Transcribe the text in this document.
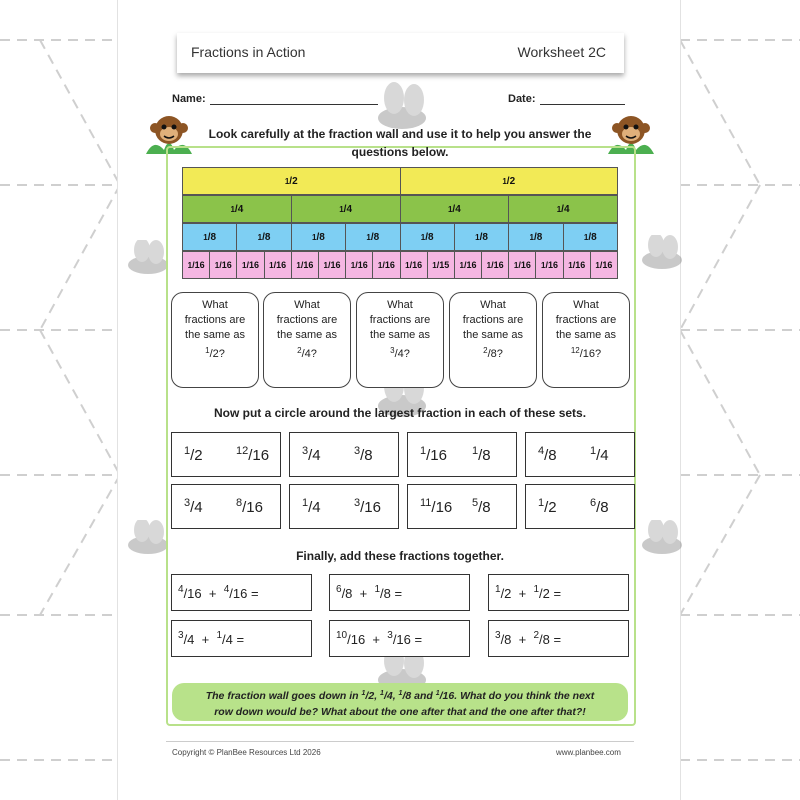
Fractions in Action	Worksheet 2C
Name:	Date:
Look carefully at the fraction wall and use it to help you answer the
questions below.
1 /2	1 /2
1 /4	1 /4	1 /4	1 /4
1 /8	1 /8	1 /8	1 /8	1 /8	1 /8	1 /8	1 /8
1 /16	1 /16	1 /16	1 /16	1 /16	1 /16	1 /16	1 /16	1 /16	1 /15	1 /16	1 /16	1 /16	1 /16	1 /16	1 /16
What
fractions are
the same as
$^1$/2?
What
fractions are
the same as
$^2$/4?
What
fractions are
the same as
$^3$/4?
What
fractions are
the same as
$^2$/8?
What
fractions are
the same as
$^{12}$/16?
Now put a circle around the largest fraction in each of these sets.
$^1$/2	$^{12}$/16	$^3$/4	$^3$/8	$^1$/16 $^1$/8	$^4$/8	$^1$/4
$^3$/4	$^8$/16	$^1$/4	$^3$/16	$^{11}$/16 $^5$/8	$^1$/2	$^6$/8
Finally, add these fractions together.
$^4$/16  +  $^4$/16 =	$^6$/8  +  $^1$/8 =	$^1$/2  +  $^1$/2 =
$^3$/4  +  $^1$/4 =	$^{10}$/16  +  $^3$/16 =	$^3$/8  +  $^2$/8 =
The fraction wall goes down in $^1$/2, $^1$/4, $^1$/8 and $^1$/16. What do you think the next
row down would be? What about the one after that and the one after that?!
Copyright © PlanBee Resources Ltd 2026	www.planbee.com
